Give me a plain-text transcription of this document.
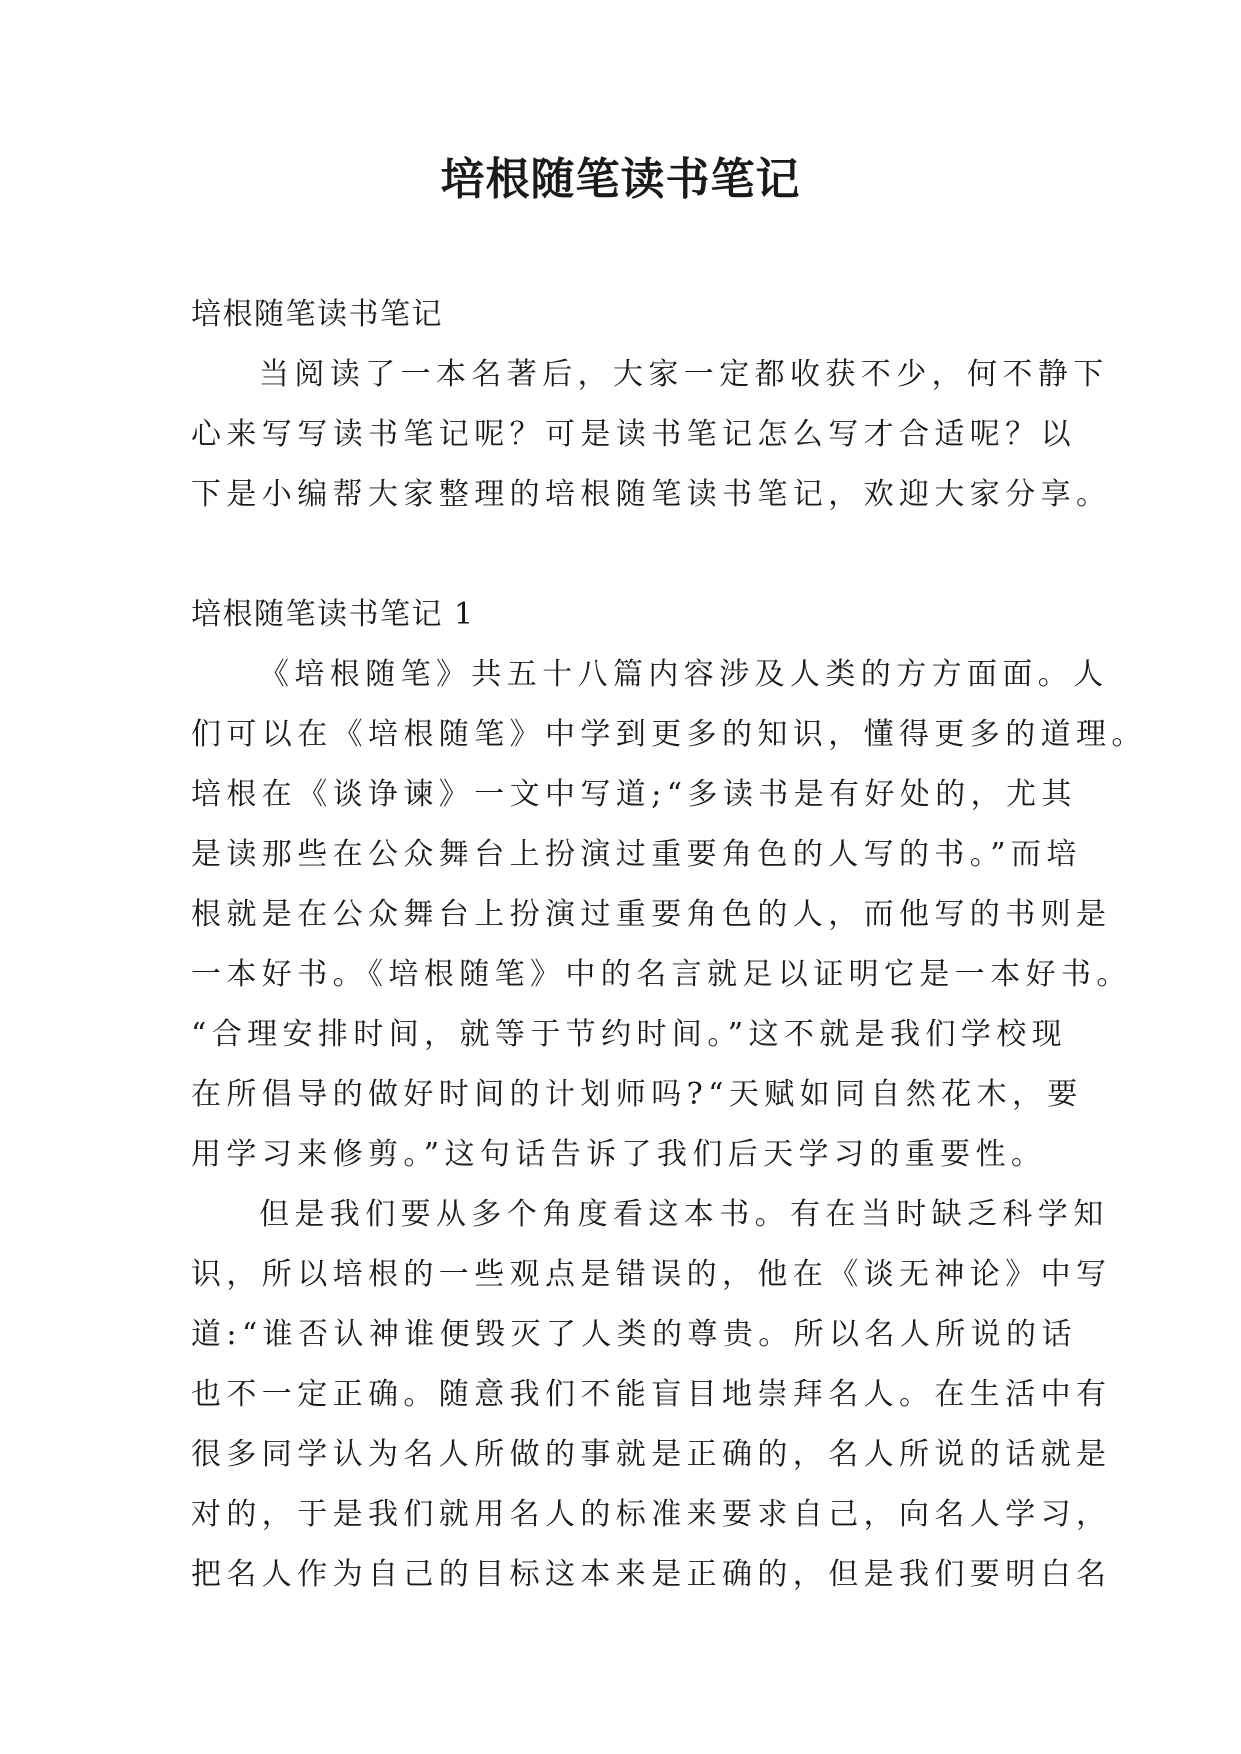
培根随笔读书笔记
培根随笔读书笔记
当阅读了一本名著后，大家一定都收获不少，何不静下
心来写写读书笔记呢？可是读书笔记怎么写才合适呢？以
下是小编帮大家整理的培根随笔读书笔记，欢迎大家分享。
培根随笔读书笔记 1
《培根随笔》共五十八篇内容涉及人类的方方面面。人
们可以在《培根随笔》中学到更多的知识，懂得更多的道理。
培根在《谈诤谏》一文中写道;“多读书是有好处的，尤其
是读那些在公众舞台上扮演过重要角色的人写的书。”而培
根就是在公众舞台上扮演过重要角色的人，而他写的书则是
一本好书。《培根随笔》中的名言就足以证明它是一本好书。
“合理安排时间，就等于节约时间。”这不就是我们学校现
在所倡导的做好时间的计划师吗?“天赋如同自然花木，要
用学习来修剪。”这句话告诉了我们后天学习的重要性。
但是我们要从多个角度看这本书。有在当时缺乏科学知
识，所以培根的一些观点是错误的，他在《谈无神论》中写
道:“谁否认神谁便毁灭了人类的尊贵。所以名人所说的话
也不一定正确。随意我们不能盲目地崇拜名人。在生活中有
很多同学认为名人所做的事就是正确的，名人所说的话就是
对的，于是我们就用名人的标准来要求自己，向名人学习，
把名人作为自己的目标这本来是正确的，但是我们要明白名
